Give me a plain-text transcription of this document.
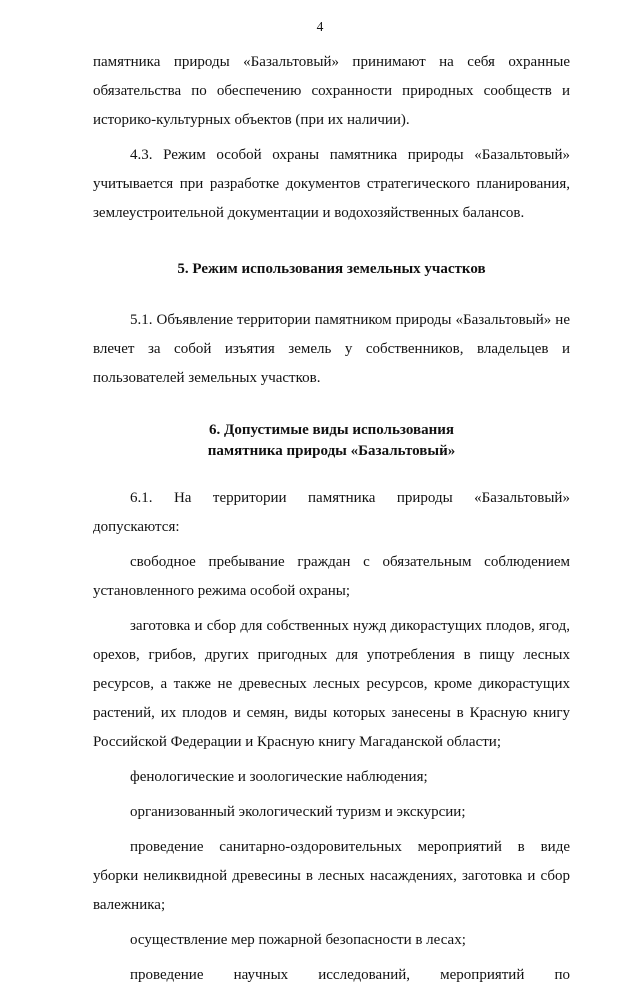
4

памятника природы «Базальтовый» принимают на себя охранные обязательства по обеспечению сохранности природных сообществ и историко-культурных объектов (при их наличии).

4.3. Режим особой охраны памятника природы «Базальтовый» учитывается при разработке документов стратегического планирования, землеустроительной документации и водохозяйственных балансов.

5. Режим использования земельных участков

5.1. Объявление территории памятником природы «Базальтовый» не влечет за собой изъятия земель у собственников, владельцев и пользователей земельных участков.

6. Допустимые виды использования

памятника природы «Базальтовый»

6.1. На территории памятника природы «Базальтовый»

допускаются:

свободное пребывание граждан с обязательным соблюдением установленного режима особой охраны;

заготовка и сбор для собственных нужд дикорастущих плодов, ягод, орехов, грибов, других пригодных для употребления в пищу лесных ресурсов, а также не древесных лесных ресурсов, кроме дикорастущих растений, их плодов и семян, виды которых занесены в Красную книгу Российской Федерации и Красную книгу Магаданской области;

фенологические и зоологические наблюдения;

организованный экологический туризм и экскурсии;

проведение санитарно-оздоровительных мероприятий в виде уборки неликвидной древесины в лесных насаждениях, заготовка и сбор валежника;

осуществление мер пожарной безопасности в лесах;

проведение научных исследований, мероприятий по
